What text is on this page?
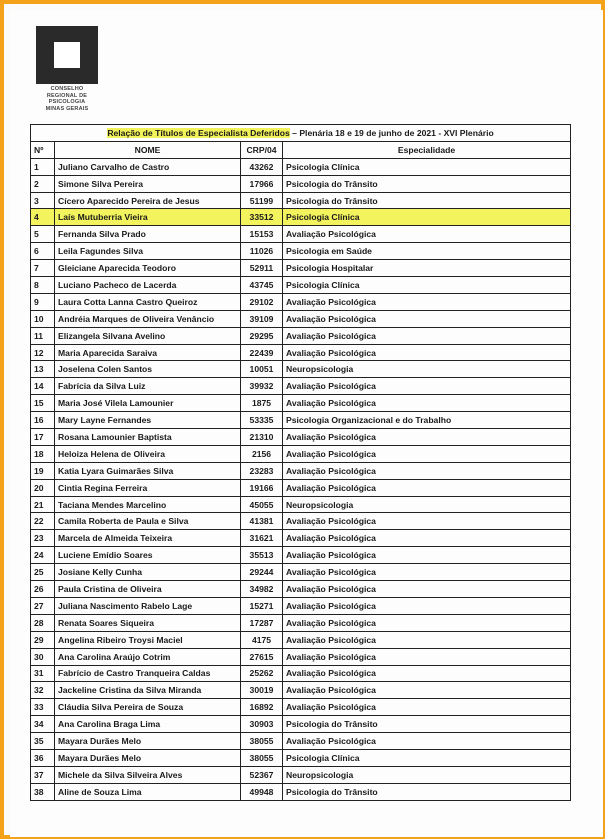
CONSELHO
REGIONAL DE
PSICOLOGIA
MINAS GERAIS
Relação de Títulos de Especialista Deferidos – Plenária 18 e 19 de junho de 2021 - XVI Plenário			
Nº	NOME	CRP/04	Especialidade
1	Juliano Carvalho de Castro	43262	Psicologia Clínica
2	Simone Silva Pereira	17966	Psicologia do Trânsito
3	Cícero Aparecido Pereira de Jesus	51199	Psicologia do Trânsito
4	Laís Mutuberria Vieira	33512	Psicologia Clínica
5	Fernanda Silva Prado	15153	Avaliação Psicológica
6	Leila Fagundes Silva	11026	Psicologia em Saúde
7	Gleiciane Aparecida Teodoro	52911	Psicologia Hospitalar
8	Luciano Pacheco de Lacerda	43745	Psicologia Clínica
9	Laura Cotta Lanna Castro Queiroz	29102	Avaliação Psicológica
10	Andréia Marques de Oliveira Venâncio	39109	Avaliação Psicológica
11	Elizangela Silvana Avelino	29295	Avaliação Psicológica
12	Maria Aparecida Saraiva	22439	Avaliação Psicológica
13	Joselena Colen Santos	10051	Neuropsicologia
14	Fabrícia da Silva Luiz	39932	Avaliação Psicológica
15	Maria José Vilela Lamounier	1875	Avaliação Psicológica
16	Mary Layne Fernandes	53335	Psicologia Organizacional e do Trabalho
17	Rosana Lamounier Baptista	21310	Avaliação Psicológica
18	Heloiza Helena de Oliveira	2156	Avaliação Psicológica
19	Katia Lyara Guimarães Silva	23283	Avaliação Psicológica
20	Cintia Regina Ferreira	19166	Avaliação Psicológica
21	Taciana Mendes Marcelino	45055	Neuropsicologia
22	Camila Roberta de Paula e Silva	41381	Avaliação Psicológica
23	Marcela de Almeida Teixeira	31621	Avaliação Psicológica
24	Luciene Emídio Soares	35513	Avaliação Psicológica
25	Josiane Kelly Cunha	29244	Avaliação Psicológica
26	Paula Cristina de Oliveira	34982	Avaliação Psicológica
27	Juliana Nascimento Rabelo Lage	15271	Avaliação Psicológica
28	Renata Soares Siqueira	17287	Avaliação Psicológica
29	Angelina Ribeiro Troysi Maciel	4175	Avaliação Psicológica
30	Ana Carolina Araújo Cotrim	27615	Avaliação Psicológica
31	Fabrício de Castro Tranqueira Caldas	25262	Avaliação Psicológica
32	Jackeline Cristina da Silva Miranda	30019	Avaliação Psicológica
33	Cláudia Silva Pereira de Souza	16892	Avaliação Psicológica
34	Ana Carolina Braga Lima	30903	Psicologia do Trânsito
35	Mayara Durães Melo	38055	Avaliação Psicológica
36	Mayara Durães Melo	38055	Psicologia Clínica
37	Michele da Silva Silveira Alves	52367	Neuropsicologia
38	Aline de Souza Lima	49948	Psicologia do Trânsito
